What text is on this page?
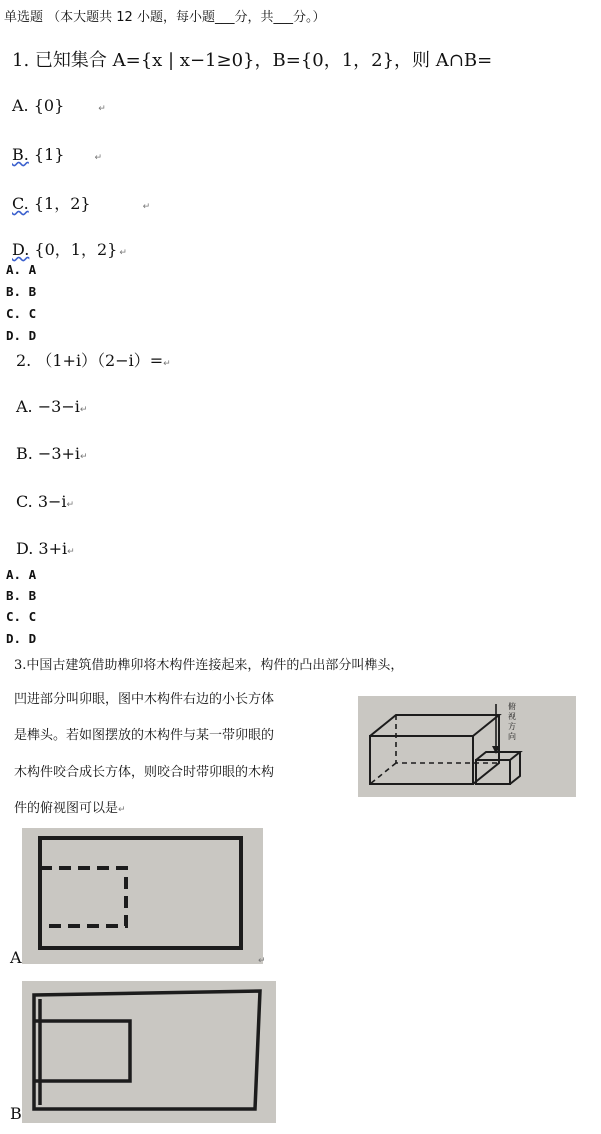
单选题 （本大题共 12 小题，每小题___分，共___分。）
1. 已知集合 A={x | x−1≥0}，B={0，1，2}，则 A∩B=
A. {0}	↵
B. {1}	↵
C. {1，2}	↵
D. {0，1，2} ↵
A. A
B. B
C. C
D. D
2. （1+i）（2−i）=↵
A. −3−i↵
B. −3+i↵
C. 3−i↵
D. 3+i↵
A. A
B. B
C. C
D. D
3.中国古建筑借助榫卯将木构件连接起来，构件的凸出部分叫榫头，
凹进部分叫卯眼，图中木构件右边的小长方体
是榫头。若如图摆放的木构件与某一带卯眼的
木构件咬合成长方体，则咬合时带卯眼的木构
件的俯视图可以是↵
俯
视
方
向
A	↵
B
